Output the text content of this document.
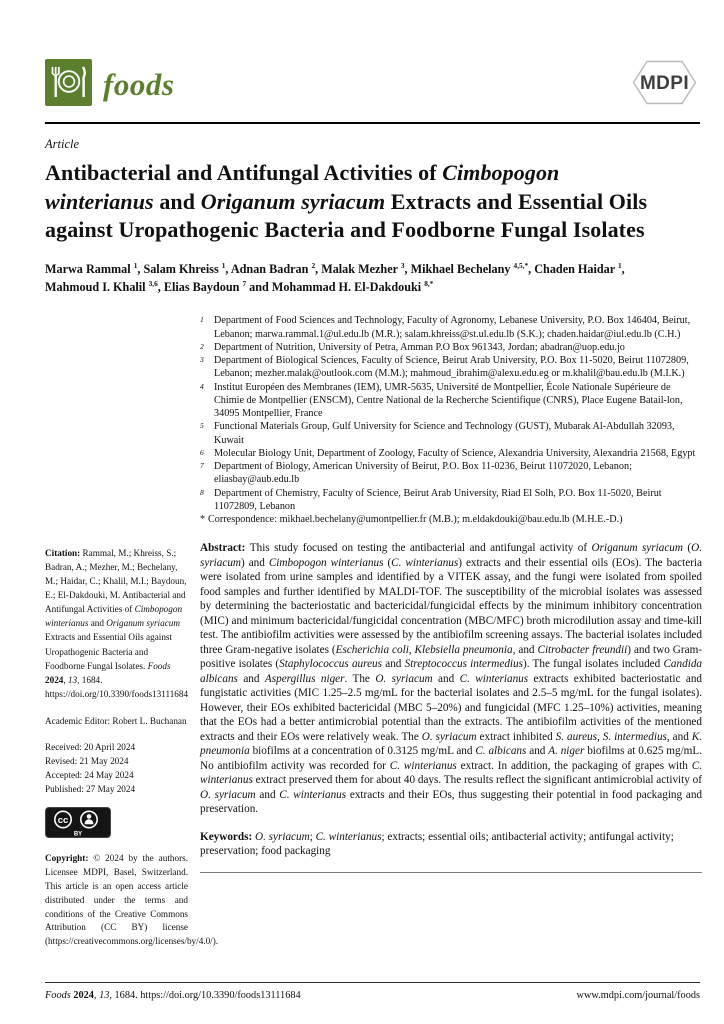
foods	MDPI
Article
Antibacterial and Antifungal Activities of Cimbopogon
winterianus and Origanum syriacum Extracts and Essential Oils
against Uropathogenic Bacteria and Foodborne Fungal Isolates
Marwa Rammal $^1$, Salam Khreiss $^1$, Adnan Badran $^2$, Malak Mezher $^3$, Mikhael Bechelany $^{4,5,*}$, Chaden Haidar $^1$,
Mahmoud I. Khalil $^{3,6}$, Elias Baydoun $^7$ and Mohammad H. El-Dakdouki $^{8,*}$
1	Department of Food Sciences and Technology, Faculty of Agronomy, Lebanese University, P.O. Box 146404, Beirut, Lebanon; marwa.rammal.1@ul.edu.lb (M.R.); salam.khreiss@st.ul.edu.lb (S.K.); chaden.haidar@iul.edu.lb (C.H.)
2	Department of Nutrition, University of Petra, Amman P.O Box 961343, Jordan; abadran@uop.edu.jo
3	Department of Biological Sciences, Faculty of Science, Beirut Arab University, P.O. Box 11-5020, Beirut 11072809, Lebanon; mezher.malak@outlook.com (M.M.); mahmoud_ibrahim@alexu.edu.eg or m.khalil@bau.edu.lb (M.I.K.)
4	Institut Européen des Membranes (IEM), UMR-5635, Université de Montpellier, École Nationale Supérieure de Chimie de Montpellier (ENSCM), Centre National de la Recherche Scientifique (CNRS), Place Eugene Batail-lon, 34095 Montpellier, France
5	Functional Materials Group, Gulf University for Science and Technology (GUST), Mubarak Al-Abdullah 32093, Kuwait
6	Molecular Biology Unit, Department of Zoology, Faculty of Science, Alexandria University, Alexandria 21568, Egypt
7	Department of Biology, American University of Beirut, P.O. Box 11-0236, Beirut 11072020, Lebanon; eliasbay@aub.edu.lb
8	Department of Chemistry, Faculty of Science, Beirut Arab University, Riad El Solh, P.O. Box 11-5020, Beirut 11072809, Lebanon
* Correspondence: mikhael.bechelany@umontpellier.fr (M.B.); m.eldakdouki@bau.edu.lb (M.H.E.-D.)

Abstract: This study focused on testing the antibacterial and antifungal activity of Origanum syriacum (O. syriacum) and Cimbopogon winterianus (C. winterianus) extracts and their essential oils (EOs). The bacteria were isolated from urine samples and identified by a VITEK assay, and the fungi were isolated from spoiled food samples and further identified by MALDI-TOF. The susceptibility of the microbial isolates was assessed by determining the bacteriostatic and bactericidal/fungicidal effects by the minimum inhibitory concentration (MIC) and minimum bactericidal/fungicidal concentration (MBC/MFC) broth microdilution assay and time-kill test. The antibiofilm activities were assessed by the antibiofilm screening assays. The bacterial isolates included three Gram-negative isolates (Escherichia coli, Klebsiella pneumonia, and Citrobacter freundii) and two Gram-positive isolates (Staphylococcus aureus and Streptococcus intermedius). The fungal isolates included Candida albicans and Aspergillus niger. The O. syriacum and C. winterianus extracts exhibited bacteriostatic and fungistatic activities (MIC 1.25–2.5 mg/mL for the bacterial isolates and 2.5–5 mg/mL for the fungal isolates). However, their EOs exhibited bactericidal (MBC 5–20%) and fungicidal (MFC 1.25–10%) activities, meaning that the EOs had a better antimicrobial potential than the extracts. The antibiofilm activities of the mentioned extracts and their EOs were relatively weak. The O. syriacum extract inhibited S. aureus, S. intermedius, and K. pneumonia biofilms at a concentration of 0.3125 mg/mL and C. albicans and A. niger biofilms at 0.625 mg/mL. No antibiofilm activity was recorded for C. winterianus extract. In addition, the packaging of grapes with C. winterianus extract preserved them for about 40 days. The results reflect the significant antimicrobial activity of O. syriacum and C. winterianus extracts and their EOs, thus suggesting their potential in food packaging and preservation.

Keywords: O. syriacum; C. winterianus; extracts; essential oils; antibacterial activity; antifungal activity; preservation; food packaging

Citation: Rammal, M.; Khreiss, S.; Badran, A.; Mezher, M.; Bechelany, M.; Haidar, C.; Khalil, M.I.; Baydoun, E.; El-Dakdouki, M. Antibacterial and Antifungal Activities of Cimbopogon winterianus and Origanum syriacum Extracts and Essential Oils against Uropathogenic Bacteria and Foodborne Fungal Isolates. Foods 2024, 13, 1684. https://doi.org/10.3390/foods13111684

Academic Editor: Robert L. Buchanan

Received: 20 April 2024
Revised: 21 May 2024
Accepted: 24 May 2024
Published: 27 May 2024
cc
BY

Copyright: © 2024 by the authors. Licensee MDPI, Basel, Switzerland. This article is an open access article distributed under the terms and conditions of the Creative Commons Attribution (CC BY) license (https://creativecommons.org/licenses/by/4.0/).

Foods 2024, 13, 1684. https://doi.org/10.3390/foods13111684	www.mdpi.com/journal/foods
